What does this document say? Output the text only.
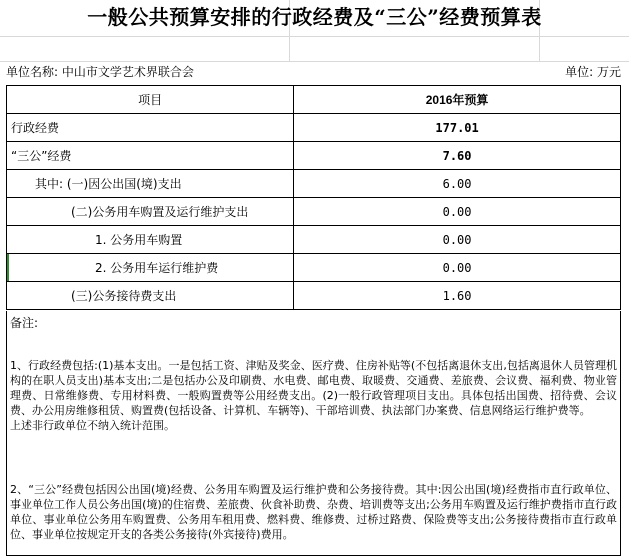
一般公共预算安排的行政经费及“三公”经费预算表
单位名称: 中山市文学艺术界联合会	单位: 万元
项目	2016年预算
行政经费	177.01
“三公”经费	7.60
其中: (一)因公出国(境)支出	6.00
(二)公务用车购置及运行维护支出	0.00
1. 公务用车购置	0.00
2. 公务用车运行维护费	0.00
(三)公务接待费支出	1.60
备注:

1、行政经费包括:(1)基本支出。一是包括工资、津贴及奖金、医疗费、住房补贴等(不包括离退休支出,包括离退休人员管理机构的在职人员支出)基本支出;二是包括办公及印刷费、水电费、邮电费、取暖费、交通费、差旅费、会议费、福利费、物业管理费、日常维修费、专用材料费、一般购置费等公用经费支出。(2)一般行政管理项目支出。具体包括出国费、招待费、会议费、办公用房维修租赁、购置费(包括设备、计算机、车辆等)、干部培训费、执法部门办案费、信息网络运行维护费等。

上述非行政单位不纳入统计范围。

2、“三公”经费包括因公出国(境)经费、公务用车购置及运行维护费和公务接待费。其中:因公出国(境)经费指市直行政单位、事业单位工作人员公务出国(境)的住宿费、差旅费、伙食补助费、杂费、培训费等支出;公务用车购置及运行维护费指市直行政单位、事业单位公务用车购置费、公务用车租用费、燃料费、维修费、过桥过路费、保险费等支出;公务接待费指市直行政单位、事业单位按规定开支的各类公务接待(外宾接待)费用。
